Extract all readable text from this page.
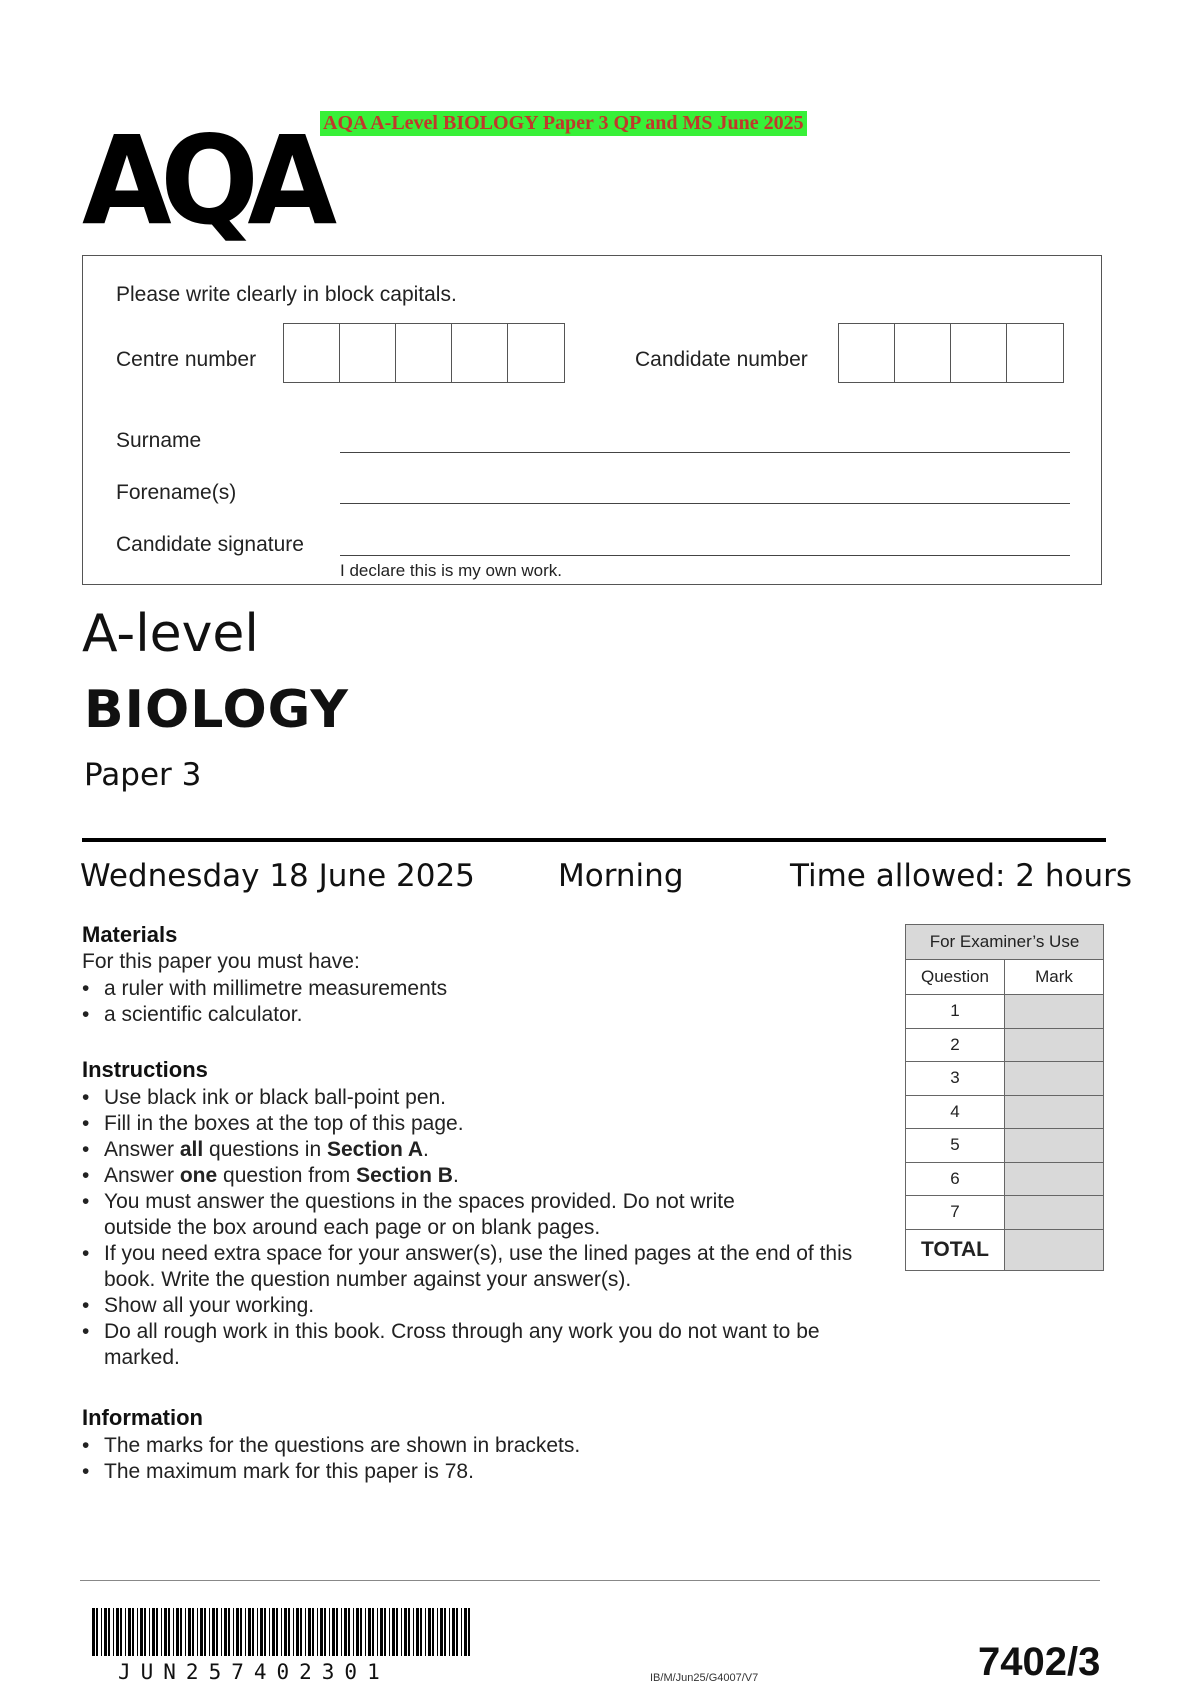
AQA A-Level BIOLOGY Paper 3 QP and MS June 2025
AQA
Please write clearly in block capitals.
Centre number	Candidate number
Surname
Forename(s)
Candidate signature
I declare this is my own work.
A-level
BIOLOGY
Paper 3
Wednesday 18 June 2025	Morning	Time allowed: 2 hours
Materials
For this paper you must have:
• a ruler with millimetre measurements
• a scientific calculator.
Instructions
• Use black ink or black ball-point pen.
• Fill in the boxes at the top of this page.
• Answer all questions in Section A.
• Answer one question from Section B.
• You must answer the questions in the spaces provided. Do not write outside the box around each page or on blank pages.
• If you need extra space for your answer(s), use the lined pages at the end of this book. Write the question number against your answer(s).
• Show all your working.
• Do all rough work in this book. Cross through any work you do not want to be marked.
Information
• The marks for the questions are shown in brackets.
• The maximum mark for this paper is 78.
For Examiner’s Use	
Question	Mark
1	
2	
3	
4	
5	
6	
7	
TOTAL	
JUN257402301	IB/M/Jun25/G4007/V7	7402/3
